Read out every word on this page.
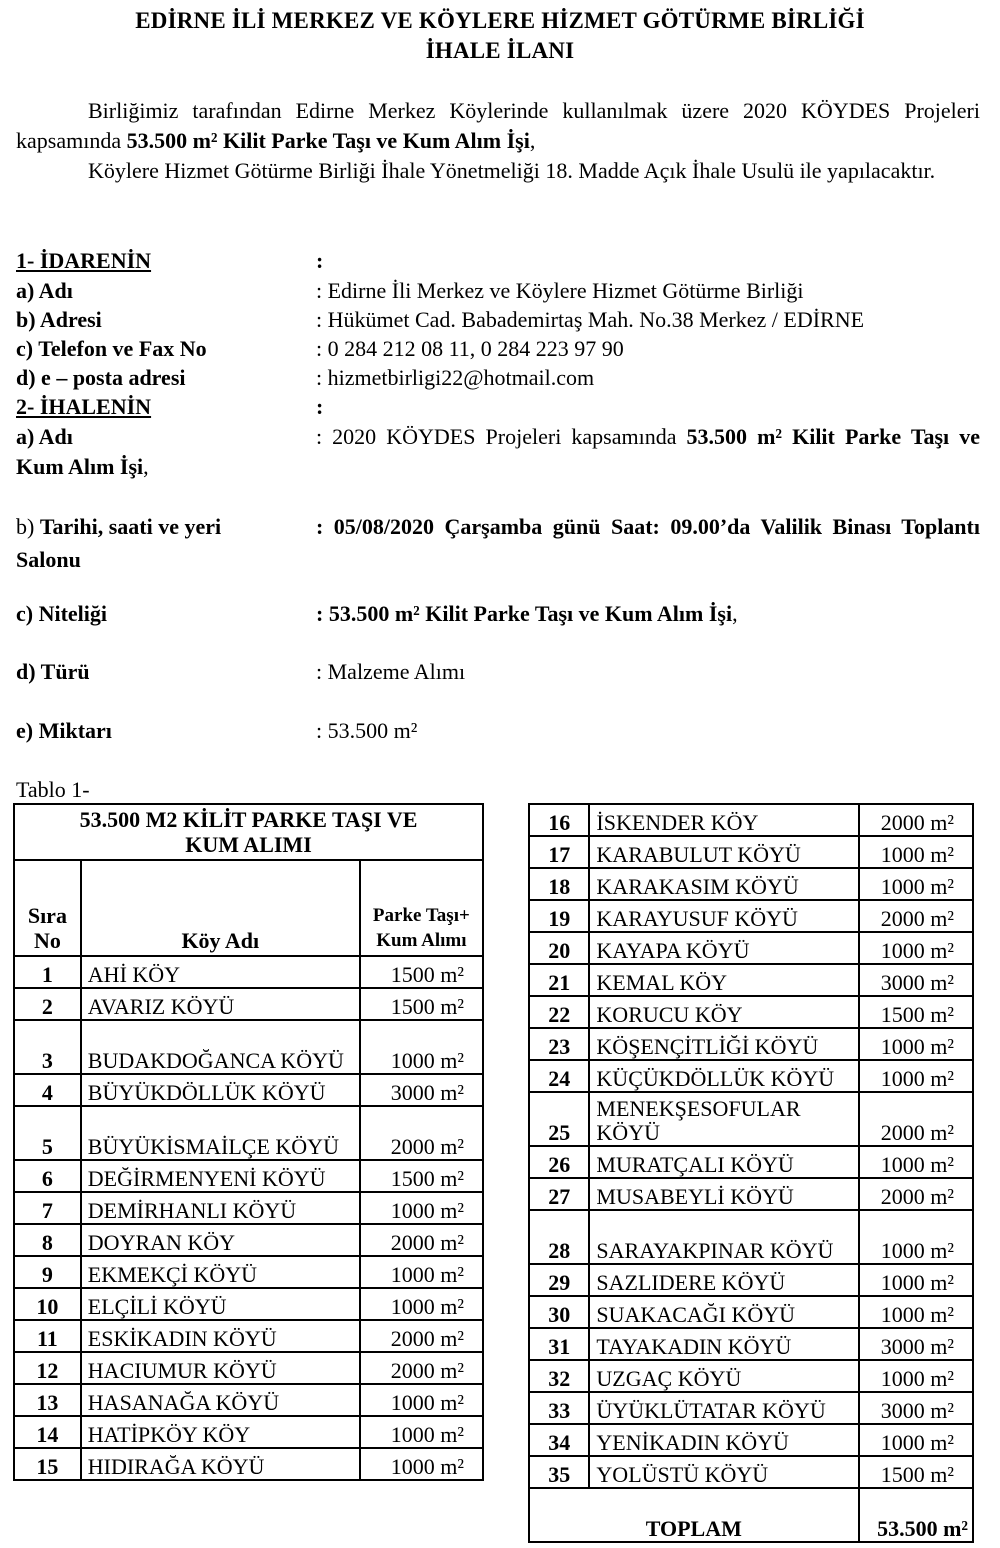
EDİRNE İLİ MERKEZ VE KÖYLERE HİZMET GÖTÜRME BİRLİĞİ
İHALE İLANI
Birliğimiz tarafından Edirne Merkez Köylerinde kullanılmak üzere 2020 KÖYDES Projeleri kapsamında 53.500 m² Kilit Parke Taşı ve Kum Alım İşi,
Köylere Hizmet Götürme Birliği İhale Yönetmeliği 18. Madde Açık İhale Usulü ile yapılacaktır.
1- İDARENİN	:
a) Adı	: Edirne İli Merkez ve Köylere Hizmet Götürme Birliği
b) Adresi	: Hükümet Cad. Babademirtaş Mah. No.38 Merkez / EDİRNE
c) Telefon ve Fax No	: 0 284 212 08 11, 0 284 223 97 90
d) e – posta adresi	: hizmetbirligi22@hotmail.com
2- İHALENİN	:
a) Adı	: 2020 KÖYDES Projeleri kapsamında 53.500 m² Kilit Parke Taşı ve Kum Alım İşi,
b) Tarihi, saati ve yeri	: 05/08/2020 Çarşamba günü Saat: 09.00’da Valilik Binası Toplantı Salonu
c) Niteliği	: 53.500 m² Kilit Parke Taşı ve Kum Alım İşi,
d) Türü	: Malzeme Alımı
e) Miktarı	: 53.500 m²
Tablo 1-
53.500 M2 KİLİT PARKE TAŞI VE KUM ALIMI		
Sıra No	Köy Adı	Parke Taşı+ Kum Alımı
1	AHİ KÖY	1500 m²
2	AVARIZ KÖYÜ	1500 m²
3	BUDAKDOĞANCA KÖYÜ	1000 m²
4	BÜYÜKDÖLLÜK KÖYÜ	3000 m²
5	BÜYÜKİSMAİLÇE KÖYÜ	2000 m²
6	DEĞİRMENYENİ KÖYÜ	1500 m²
7	DEMİRHANLI KÖYÜ	1000 m²
8	DOYRAN KÖY	2000 m²
9	EKMEKÇİ KÖYÜ	1000 m²
10	ELÇİLİ KÖYÜ	1000 m²
11	ESKİKADIN KÖYÜ	2000 m²
12	HACIUMUR KÖYÜ	2000 m²
13	HASANAĞA KÖYÜ	1000 m²
14	HATİPKÖY KÖY	1000 m²
15	HIDIRAĞA KÖYÜ	1000 m²
16	İSKENDER KÖY	2000 m²
17	KARABULUT KÖYÜ	1000 m²
18	KARAKASIM KÖYÜ	1000 m²
19	KARAYUSUF KÖYÜ	2000 m²
20	KAYAPA KÖYÜ	1000 m²
21	KEMAL KÖY	3000 m²
22	KORUCU KÖY	1500 m²
23	KÖŞENÇİTLİĞİ KÖYÜ	1000 m²
24	KÜÇÜKDÖLLÜK KÖYÜ	1000 m²
25	MENEKŞESOFULAR KÖYÜ	2000 m²
26	MURATÇALI KÖYÜ	1000 m²
27	MUSABEYLİ KÖYÜ	2000 m²
28	SARAYAKPINAR KÖYÜ	1000 m²
29	SAZLIDERE KÖYÜ	1000 m²
30	SUAKACAĞI KÖYÜ	1000 m²
31	TAYAKADIN KÖYÜ	3000 m²
32	UZGAÇ KÖYÜ	1000 m²
33	ÜYÜKLÜTATAR KÖYÜ	3000 m²
34	YENİKADIN KÖYÜ	1000 m²
35	YOLÜSTÜ KÖYÜ	1500 m²
TOPLAM		53.500 m²
